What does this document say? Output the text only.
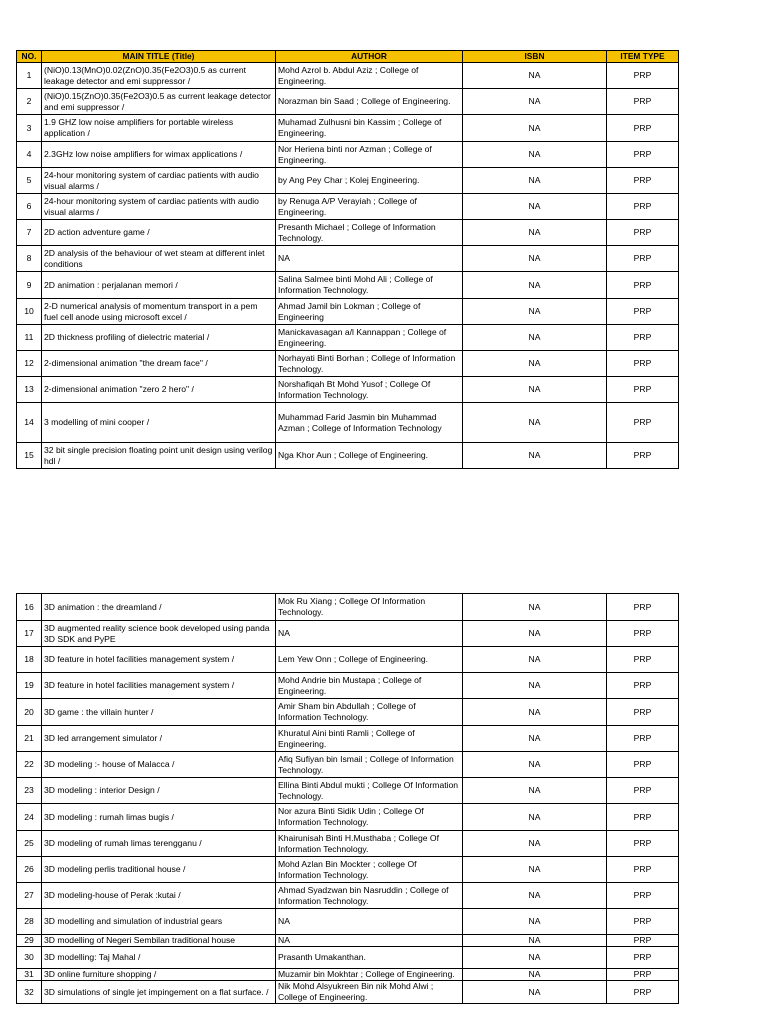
NO.	MAIN TITLE (Title)	AUTHOR	ISBN	ITEM TYPE
1	(NiO)0.13(MnO)0.02(ZnO)0.35(Fe2O3)0.5 as current leakage detector and emi suppressor /	Mohd Azrol b. Abdul Aziz ; College of Engineering.	NA	PRP
2	(NiO)0.15(ZnO)0.35(Fe2O3)0.5 as current leakage detector and emi suppressor /	Norazman bin Saad ; College of Engineering.	NA	PRP
3	1.9 GHZ low noise amplifiers for portable wireless application /	Muhamad Zulhusni bin Kassim ; College of Engineering.	NA	PRP
4	2.3GHz low noise amplifiers for wimax applications /	Nor Heriena binti nor Azman ; College of Engineering.	NA	PRP
5	24-hour monitoring system of cardiac patients with audio visual alarms /	by Ang Pey Char ; Kolej Engineering.	NA	PRP
6	24-hour monitoring system of cardiac patients with audio visual alarms /	by Renuga A/P Verayiah ; College of Engineering.	NA	PRP
7	2D action adventure game /	Presanth Michael ; College of Information Technology.	NA	PRP
8	2D analysis of the behaviour of wet steam at different inlet conditions	NA	NA	PRP
9	2D animation : perjalanan memori /	Salina Salmee binti Mohd Ali ; College of Information Technology.	NA	PRP
10	2-D numerical analysis of momentum transport in a pem fuel cell anode using microsoft excel /	Ahmad Jamil bin Lokman ; College of Engineering	NA	PRP
11	2D thickness profiling of dielectric material /	Manickavasagan a/l Kannappan ; College of Engineering.	NA	PRP
12	2-dimensional animation "the dream face" /	Norhayati Binti Borhan ; College of Information Technology.	NA	PRP
13	2-dimensional animation "zero 2 hero" /	Norshafiqah Bt Mohd Yusof ; College Of Information Technology.	NA	PRP
14	3 modelling of mini cooper /	Muhammad Farid Jasmin bin Muhammad Azman ; College of Information Technology	NA	PRP
15	32 bit single precision floating point unit design using verilog hdl /	Nga Khor Aun ; College of Engineering.	NA	PRP
16	3D animation : the dreamland /	Mok Ru Xiang ; College Of Information Technology.	NA	PRP
17	3D augmented reality science book developed using panda 3D SDK and PyPE	NA	NA	PRP
18	3D feature in hotel facilities management system /	Lem Yew Onn ; College of Engineering.	NA	PRP
19	3D feature in hotel facilities management system /	Mohd Andrie bin Mustapa ; College of Engineering.	NA	PRP
20	3D game : the villain hunter /	Amir Sham bin Abdullah ; College of Information Technology.	NA	PRP
21	3D led arrangement simulator /	Khuratul Aini binti Ramli ; College of Engineering.	NA	PRP
22	3D modeling :- house of Malacca /	Afiq Sufiyan bin Ismail ; College of Information Technology.	NA	PRP
23	3D modeling : interior Design /	Ellina Binti Abdul mukti ; College Of Information Technology.	NA	PRP
24	3D modeling : rumah limas bugis /	Nor azura Binti Sidik Udin ; College Of Information Technology.	NA	PRP
25	3D modeling of rumah limas terengganu /	Khairunisah Binti H.Musthaba ; College Of Information Technology.	NA	PRP
26	3D modeling perlis traditional house /	Mohd Azlan Bin Mockter ; college Of Information Technology.	NA	PRP
27	3D modeling-house of Perak :kutai /	Ahmad Syadzwan bin Nasruddin ; College of Information Technology.	NA	PRP
28	3D modelling and simulation of industrial gears	NA	NA	PRP
29	3D modelling of Negeri Sembilan traditional house	NA	NA	PRP
30	3D modelling: Taj Mahal /	Prasanth Umakanthan.	NA	PRP
31	3D online furniture shopping /	Muzamir bin Mokhtar ; College of Engineering.	NA	PRP
32	3D simulations of single jet impingement on a flat surface. /	Nik Mohd Alsyukreen Bin nik Mohd Alwi ; College of Engineering.	NA	PRP
